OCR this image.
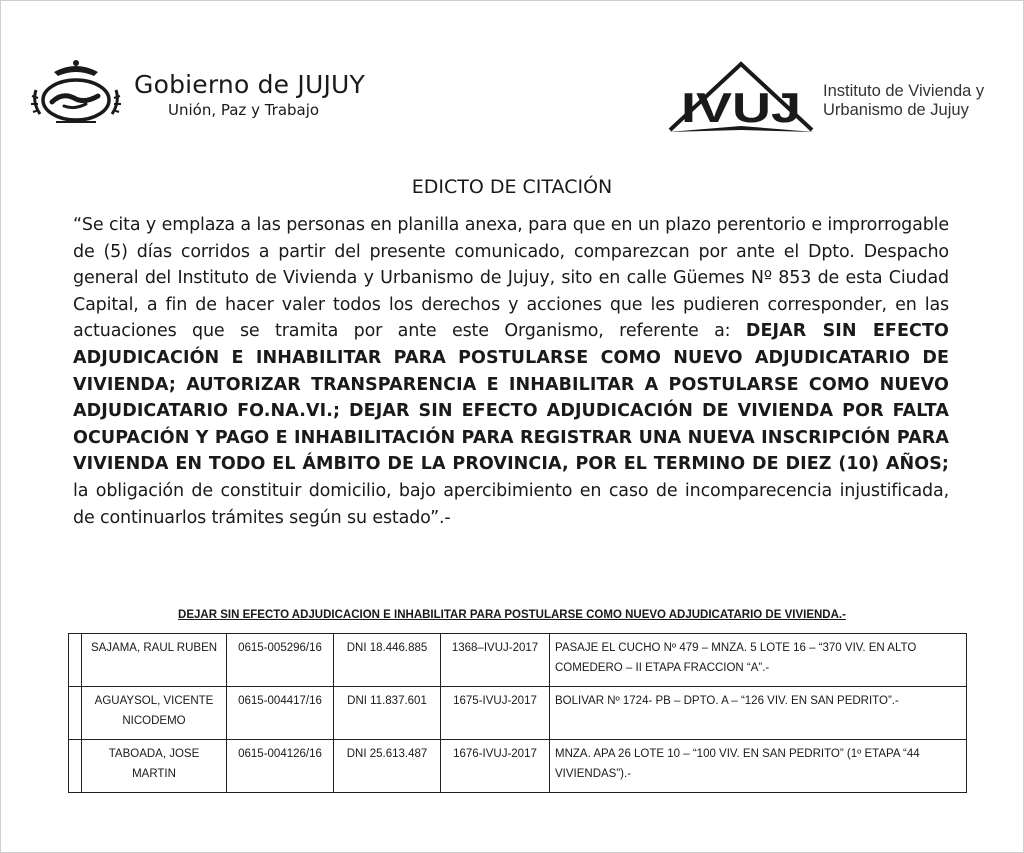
Gobierno de JUJUY
Unión, Paz y Trabajo	IVUJ Instituto de Vivienda y
Urbanismo de Jujuy
EDICTO DE CITACIÓN
“Se cita y emplaza a las personas en planilla anexa, para que en un plazo perentorio e improrrogable de (5) días corridos a partir del presente comunicado, comparezcan por ante el Dpto. Despacho general del Instituto de Vivienda y Urbanismo de Jujuy, sito en calle Güemes Nº 853 de esta Ciudad Capital, a fin de hacer valer todos los derechos y acciones que les pudieren corresponder, en las actuaciones que se tramita por ante este Organismo, referente a: DEJAR SIN EFECTO ADJUDICACIÓN E INHABILITAR PARA POSTULARSE COMO NUEVO ADJUDICATARIO DE VIVIENDA; AUTORIZAR TRANSPARENCIA E INHABILITAR A POSTULARSE COMO NUEVO ADJUDICATARIO FO.NA.VI.; DEJAR SIN EFECTO ADJUDICACIÓN DE VIVIENDA POR FALTA OCUPACIÓN Y PAGO E INHABILITACIÓN PARA REGISTRAR UNA NUEVA INSCRIPCIÓN PARA VIVIENDA EN TODO EL ÁMBITO DE LA PROVINCIA, POR EL TERMINO DE DIEZ (10) AÑOS; la obligación de constituir domicilio, bajo apercibimiento en caso de incomparecencia injustificada, de continuarlos trámites según su estado”.-
DEJAR SIN EFECTO ADJUDICACION E INHABILITAR PARA POSTULARSE COMO NUEVO ADJUDICATARIO DE VIVIENDA.-
	SAJAMA, RAUL RUBEN	0615-005296/16	DNI 18.446.885	1368–IVUJ-2017	PASAJE EL CUCHO Nº 479 – MNZA. 5 LOTE 16 – “370 VIV. EN ALTO COMEDERO – II ETAPA FRACCION “A”.-
	AGUAYSOL, VICENTE NICODEMO	0615-004417/16	DNI 11.837.601	1675-IVUJ-2017	BOLIVAR Nº 1724- PB – DPTO. A – “126 VIV. EN SAN PEDRITO”.-
	TABOADA, JOSE MARTIN	0615-004126/16	DNI 25.613.487	1676-IVUJ-2017	MNZA. APA 26 LOTE 10 – “100 VIV. EN SAN PEDRITO” (1º ETAPA “44 VIVIENDAS”).-
